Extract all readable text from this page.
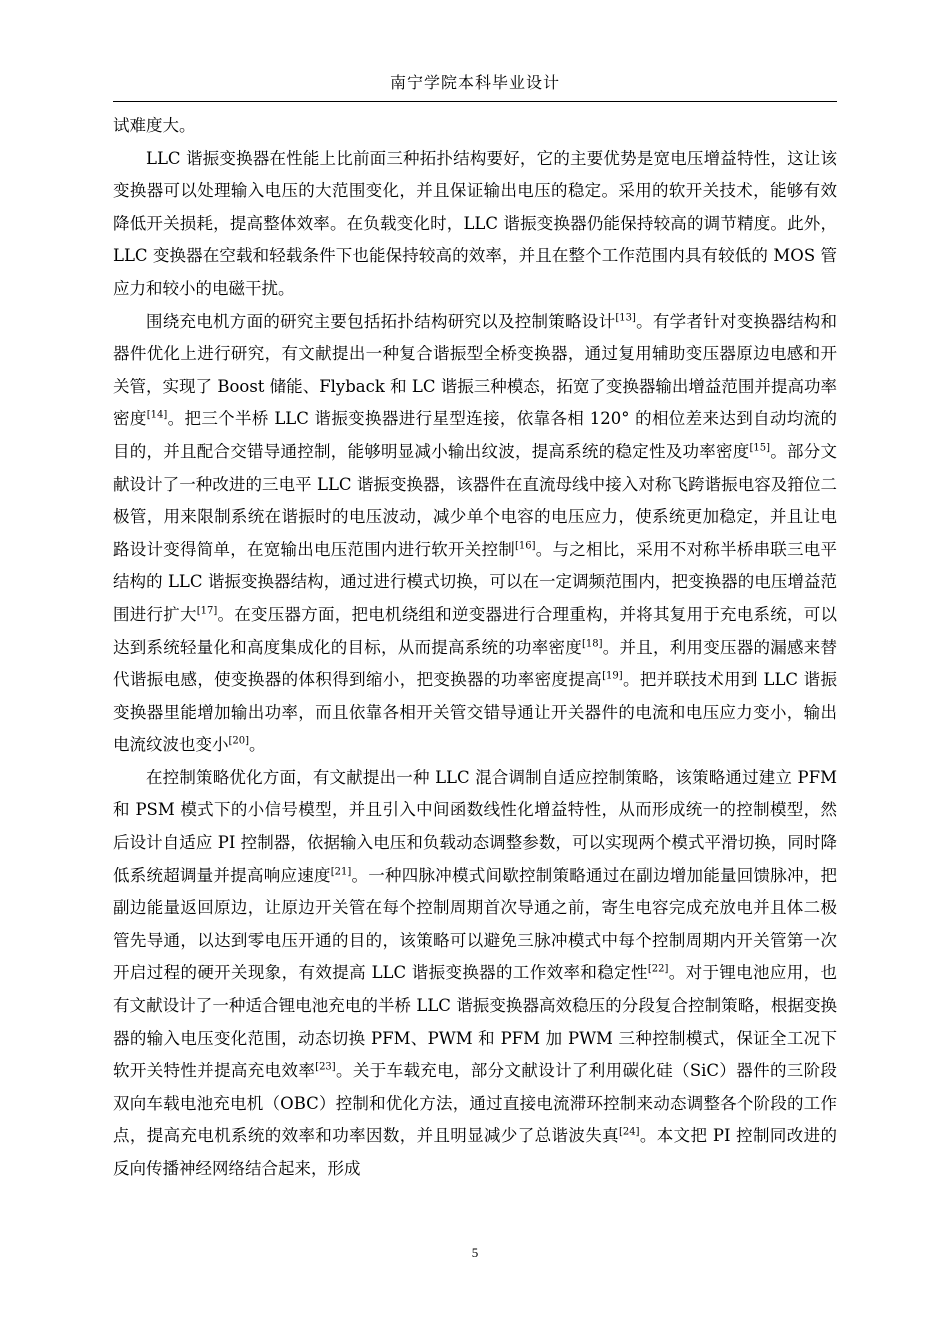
南宁学院本科毕业设计

试难度大。

LLC 谐振变换器在性能上比前面三种拓扑结构要好，它的主要优势是宽电压增益特性，这让该变换器可以处理输入电压的大范围变化，并且保证输出电压的稳定。采用的软开关技术，能够有效降低开关损耗，提高整体效率。在负载变化时，LLC 谐振变换器仍能保持较高的调节精度。此外，LLC 变换器在空载和轻载条件下也能保持较高的效率，并且在整个工作范围内具有较低的 MOS 管应力和较小的电磁干扰。

围绕充电机方面的研究主要包括拓扑结构研究以及控制策略设计[13]。有学者针对变换器结构和器件优化上进行研究，有文献提出一种复合谐振型全桥变换器，通过复用辅助变压器原边电感和开关管，实现了 Boost 储能、Flyback 和 LC 谐振三种模态，拓宽了变换器输出增益范围并提高功率密度[14]。把三个半桥 LLC 谐振变换器进行星型连接，依靠各相 120° 的相位差来达到自动均流的目的，并且配合交错导通控制，能够明显减小输出纹波，提高系统的稳定性及功率密度[15]。部分文献设计了一种改进的三电平 LLC 谐振变换器，该器件在直流母线中接入对称飞跨谐振电容及箝位二极管，用来限制系统在谐振时的电压波动，减少单个电容的电压应力，使系统更加稳定，并且让电路设计变得简单，在宽输出电压范围内进行软开关控制[16]。与之相比，采用不对称半桥串联三电平结构的 LLC 谐振变换器结构，通过进行模式切换，可以在一定调频范围内，把变换器的电压增益范围进行扩大[17]。在变压器方面，把电机绕组和逆变器进行合理重构，并将其复用于充电系统，可以达到系统轻量化和高度集成化的目标，从而提高系统的功率密度[18]。并且，利用变压器的漏感来替代谐振电感，使变换器的体积得到缩小，把变换器的功率密度提高[19]。把并联技术用到 LLC 谐振变换器里能增加输出功率，而且依靠各相开关管交错导通让开关器件的电流和电压应力变小，输出电流纹波也变小[20]。

在控制策略优化方面，有文献提出一种 LLC 混合调制自适应控制策略，该策略通过建立 PFM 和 PSM 模式下的小信号模型，并且引入中间函数线性化增益特性，从而形成统一的控制模型，然后设计自适应 PI 控制器，依据输入电压和负载动态调整参数，可以实现两个模式平滑切换，同时降低系统超调量并提高响应速度[21]。一种四脉冲模式间歇控制策略通过在副边增加能量回馈脉冲，把副边能量返回原边，让原边开关管在每个控制周期首次导通之前，寄生电容完成充放电并且体二极管先导通，以达到零电压开通的目的，该策略可以避免三脉冲模式中每个控制周期内开关管第一次开启过程的硬开关现象，有效提高 LLC 谐振变换器的工作效率和稳定性[22]。对于锂电池应用，也有文献设计了一种适合锂电池充电的半桥 LLC 谐振变换器高效稳压的分段复合控制策略，根据变换器的输入电压变化范围，动态切换 PFM、PWM 和 PFM 加 PWM 三种控制模式，保证全工况下软开关特性并提高充电效率[23]。关于车载充电，部分文献设计了利用碳化硅（SiC）器件的三阶段双向车载电池充电机（OBC）控制和优化方法，通过直接电流滞环控制来动态调整各个阶段的工作点，提高充电机系统的效率和功率因数，并且明显减少了总谐波失真[24]。本文把 PI 控制同改进的反向传播神经网络结合起来，形成

5
